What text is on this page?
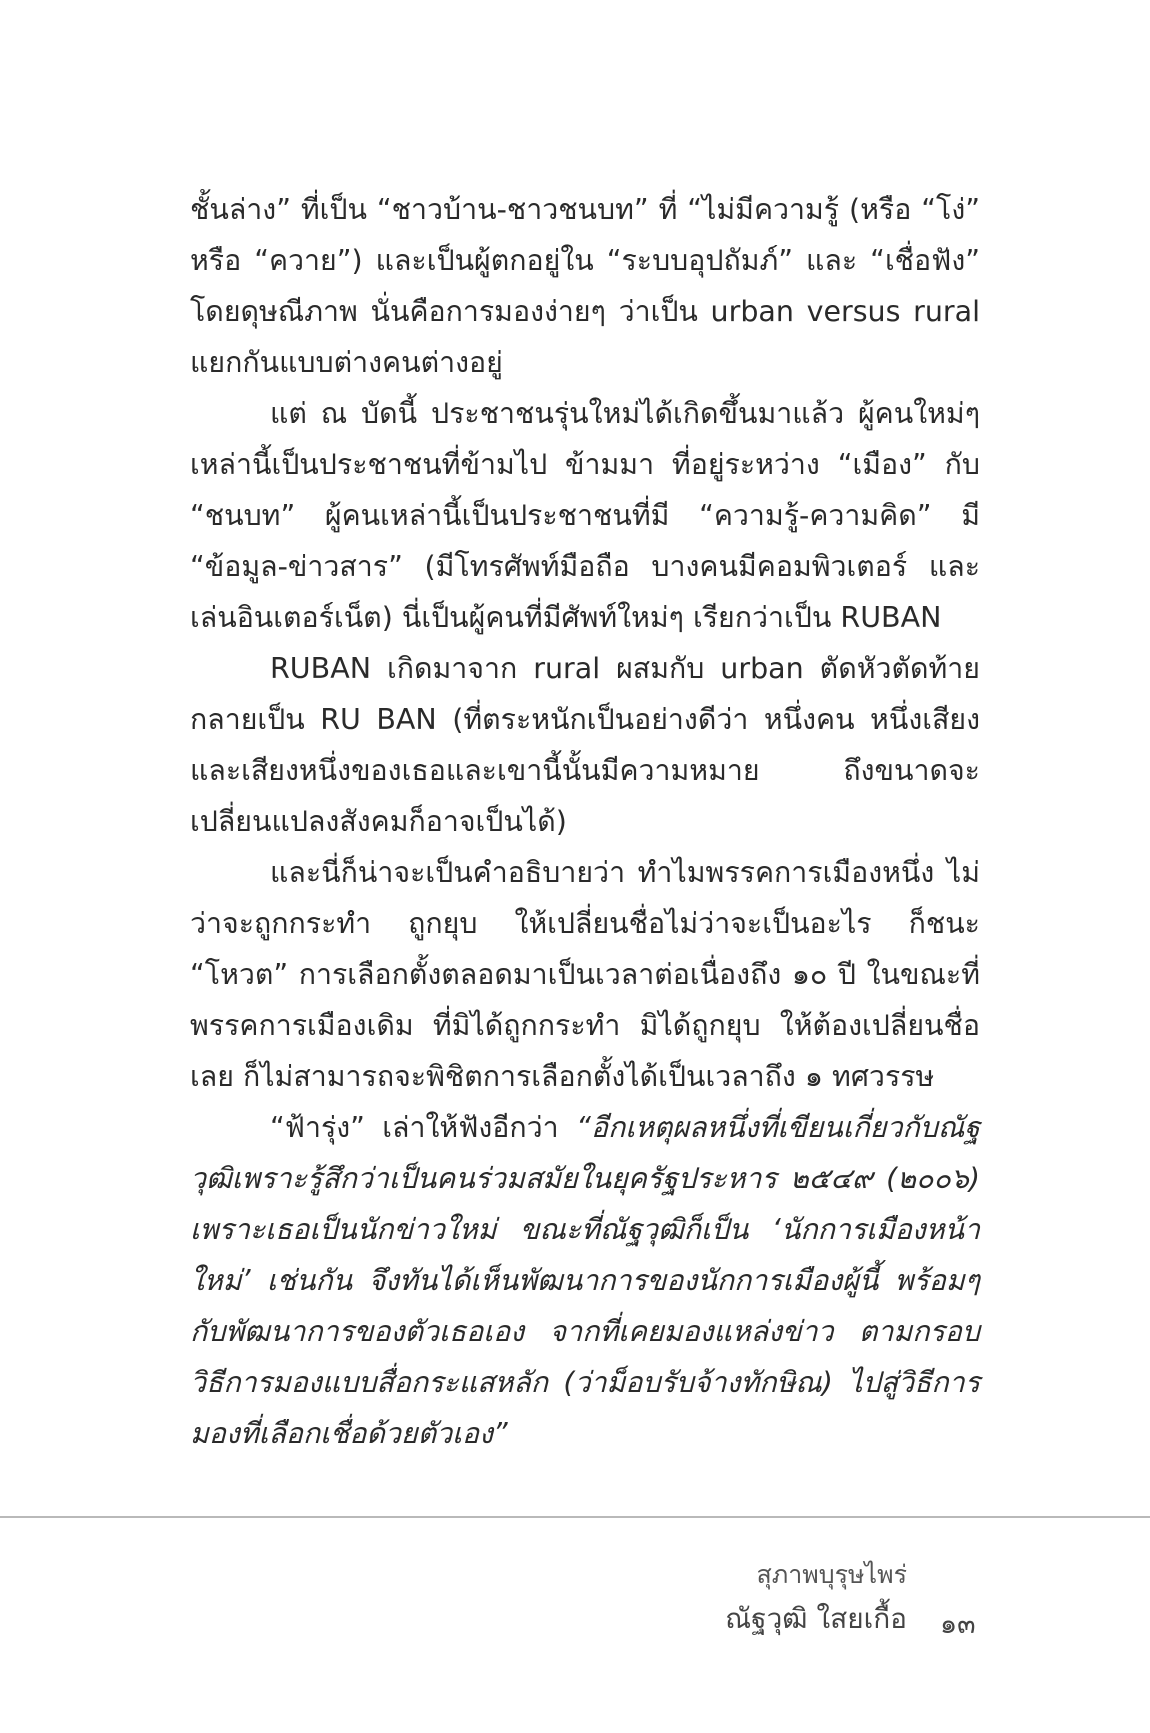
ชั้นล่าง” ที่เป็น “ชาวบ้าน-ชาวชนบท” ที่ “ไม่มีความรู้ (หรือ “โง่” หรือ “ควาย”) และเป็นผู้ตกอยู่ใน “ระบบอุปถัมภ์” และ “เชื่อฟัง” โดยดุษณีภาพ นั่นคือการมองง่ายๆ ว่าเป็น urban versus rural แยกกันแบบต่างคนต่างอยู่

แต่ ณ บัดนี้ ประชาชนรุ่นใหม่ได้เกิดขึ้นมาแล้ว ผู้คนใหม่ๆ เหล่านี้เป็นประชาชนที่ข้ามไป ข้ามมา ที่อยู่ระหว่าง “เมือง” กับ “ชนบท” ผู้คนเหล่านี้เป็นประชาชนที่มี “ความรู้-ความคิด” มี “ข้อมูล-ข่าวสาร” (มีโทรศัพท์มือถือ บางคนมีคอมพิวเตอร์ และเล่นอินเตอร์เน็ต) นี่เป็นผู้คนที่มีศัพท์ใหม่ๆ เรียกว่าเป็น RUBAN

RUBAN เกิดมาจาก rural ผสมกับ urban ตัดหัวตัดท้าย กลายเป็น RU BAN (ที่ตระหนักเป็นอย่างดีว่า หนึ่งคน หนึ่งเสียง และเสียงหนึ่งของเธอและเขานี้นั้นมีความหมาย ถึงขนาดจะเปลี่ยนแปลงสังคมก็อาจเป็นได้)

และนี่ก็น่าจะเป็นคำอธิบายว่า ทำไมพรรคการเมืองหนึ่ง ไม่ว่าจะถูกกระทำ ถูกยุบ ให้เปลี่ยนชื่อไม่ว่าจะเป็นอะไร ก็ชนะ “โหวต” การเลือกตั้งตลอดมาเป็นเวลาต่อเนื่องถึง ๑๐ ปี ในขณะที่พรรคการเมืองเดิม ที่มิได้ถูกกระทำ มิได้ถูกยุบ ให้ต้องเปลี่ยนชื่อเลย ก็ไม่สามารถจะพิชิตการเลือกตั้งได้เป็นเวลาถึง ๑ ทศวรรษ

“ฟ้ารุ่ง” เล่าให้ฟังอีกว่า “อีกเหตุผลหนึ่งที่เขียนเกี่ยวกับณัฐวุฒิเพราะรู้สึกว่าเป็นคนร่วมสมัยในยุครัฐประหาร ๒๕๔๙ (๒๐๐๖) เพราะเธอเป็นนักข่าวใหม่ ขณะที่ณัฐวุฒิก็เป็น ‘นักการเมืองหน้าใหม่’ เช่นกัน จึงทันได้เห็นพัฒนาการของนักการเมืองผู้นี้ พร้อมๆ กับพัฒนาการของตัวเธอเอง จากที่เคยมองแหล่งข่าว ตามกรอบวิธีการมองแบบสื่อกระแสหลัก (ว่าม็อบรับจ้างทักษิณ) ไปสู่วิธีการมองที่เลือกเชื่อด้วยตัวเอง”

สุภาพบุรุษไพร่
ณัฐวุฒิ ใสยเกื้อ ๑๓
